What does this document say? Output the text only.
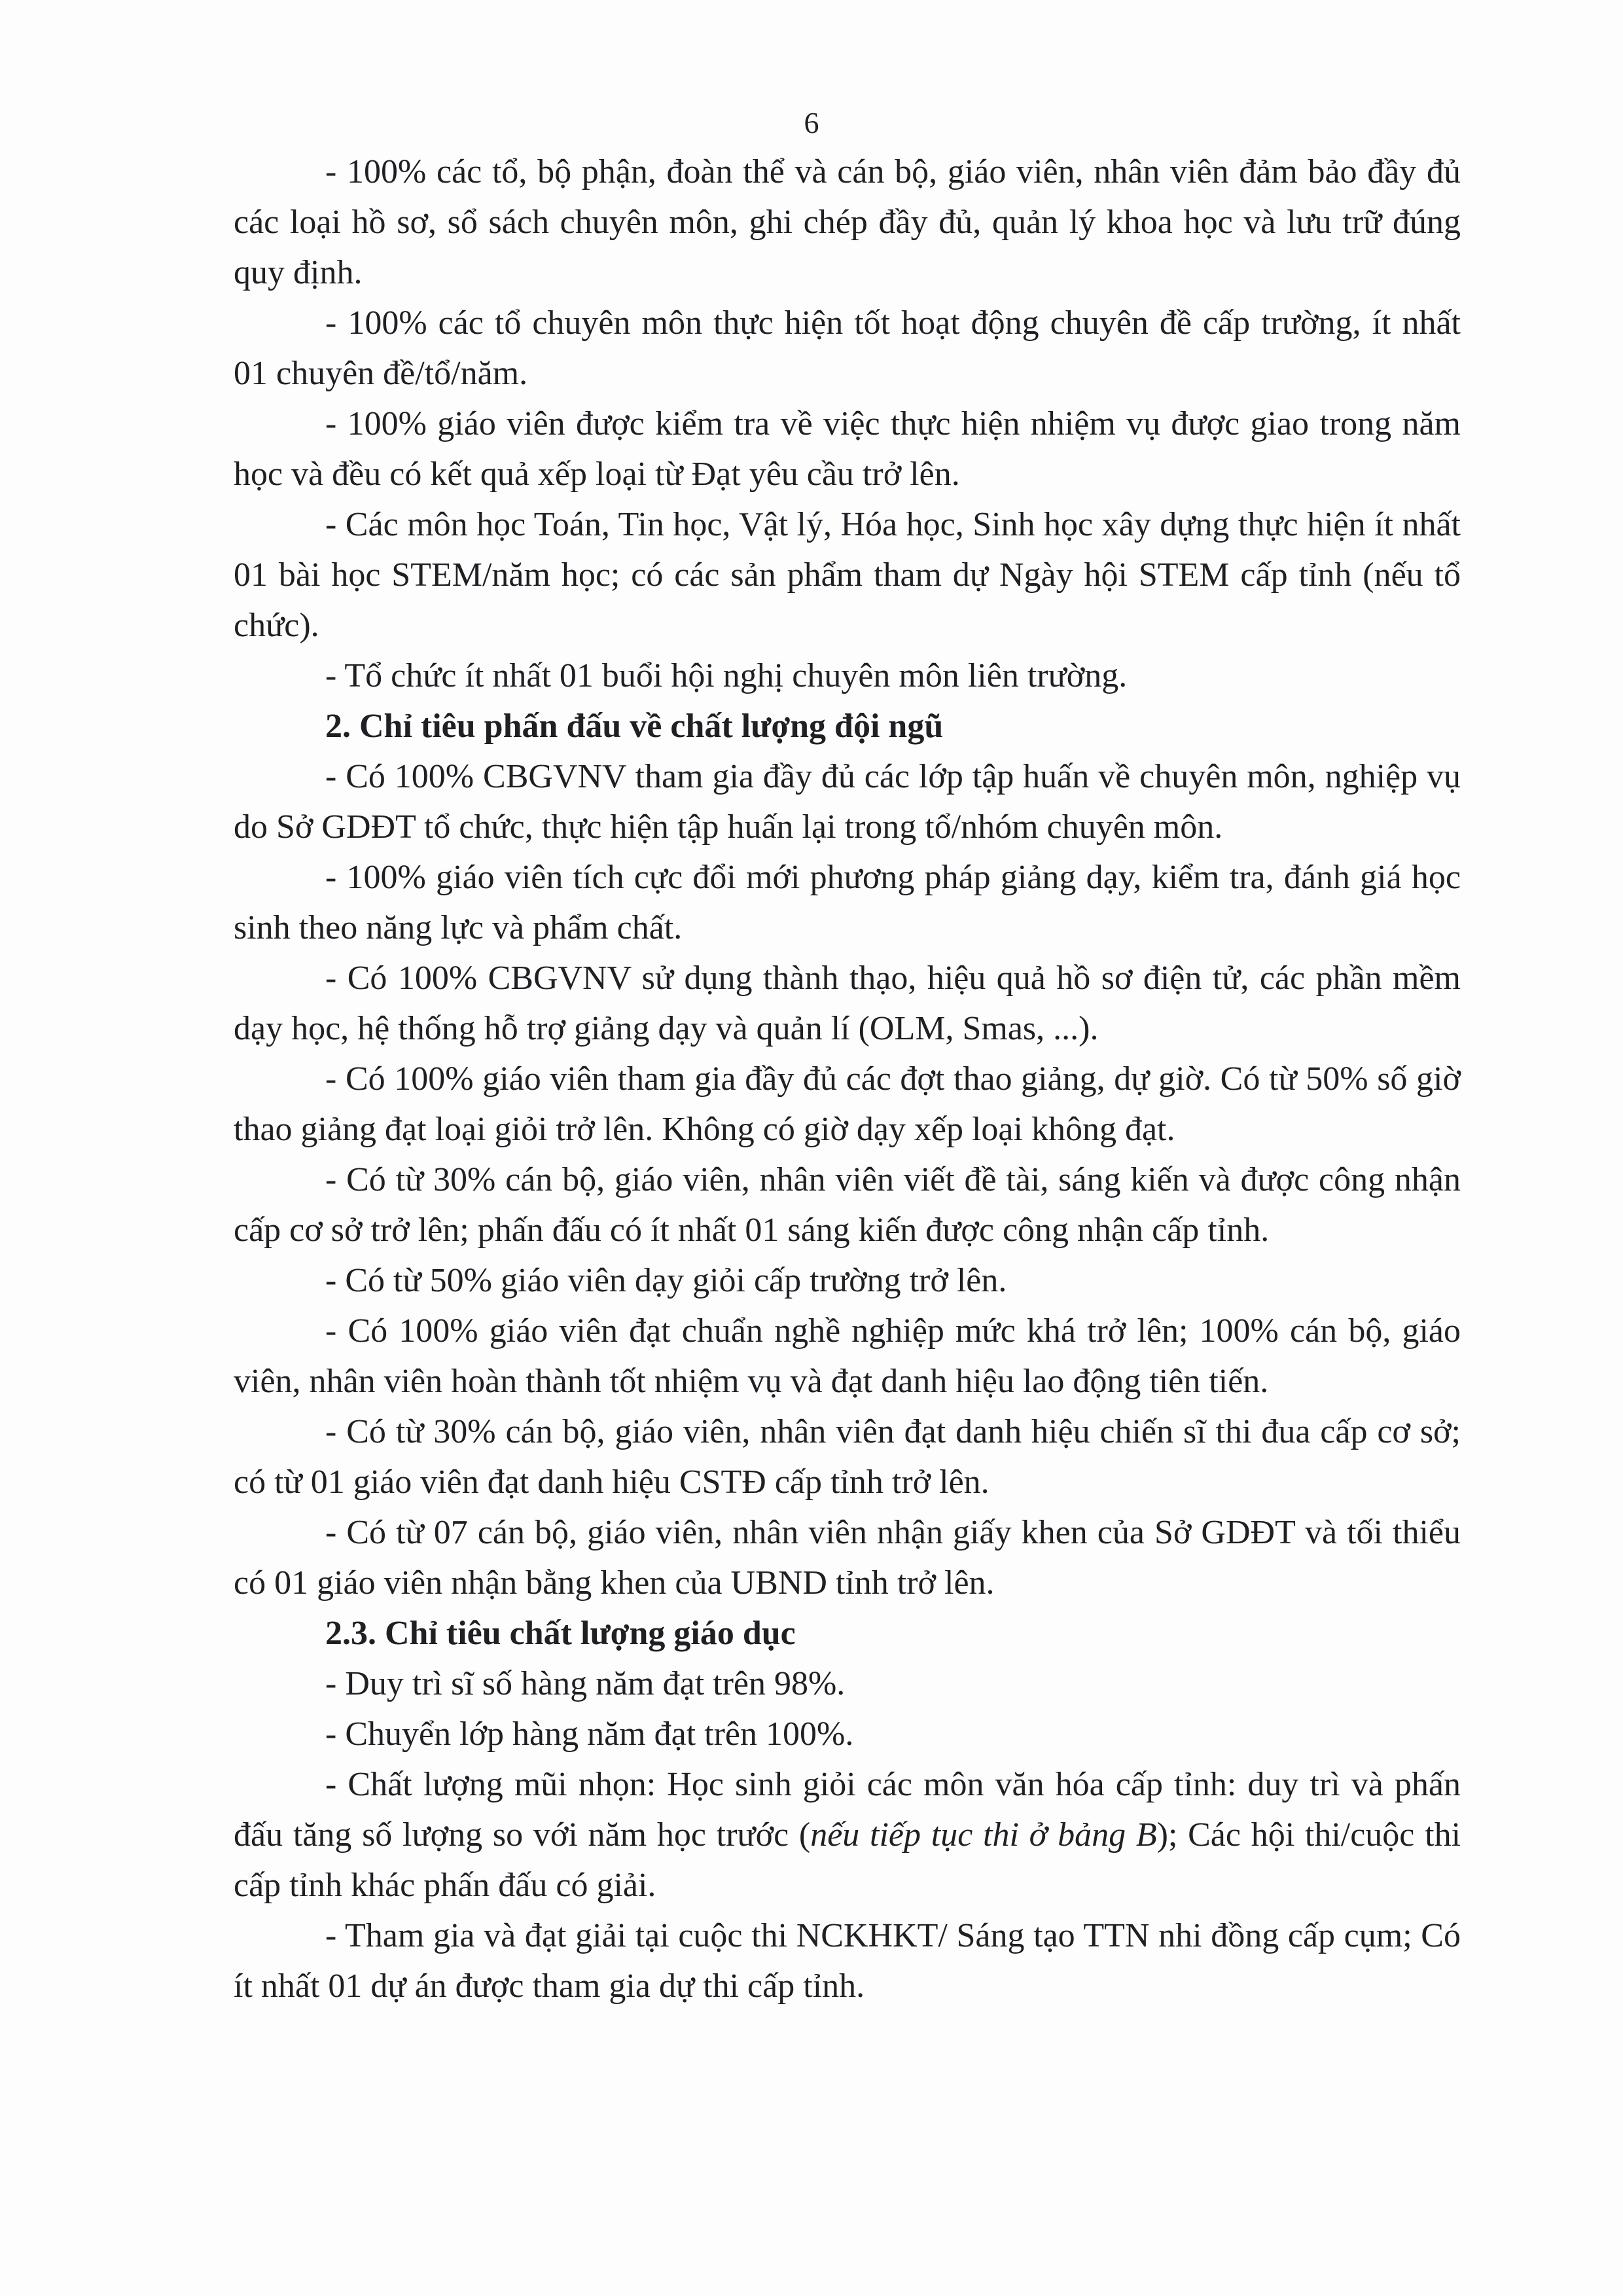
6

- 100% các tổ, bộ phận, đoàn thể và cán bộ, giáo viên, nhân viên đảm bảo đầy đủ các loại hồ sơ, sổ sách chuyên môn, ghi chép đầy đủ, quản lý khoa học và lưu trữ đúng quy định.

- 100% các tổ chuyên môn thực hiện tốt hoạt động chuyên đề cấp trường, ít nhất 01 chuyên đề/tổ/năm.

- 100% giáo viên được kiểm tra về việc thực hiện nhiệm vụ được giao trong năm học và đều có kết quả xếp loại từ Đạt yêu cầu trở lên.

- Các môn học Toán, Tin học, Vật lý, Hóa học, Sinh học xây dựng thực hiện ít nhất 01 bài học STEM/năm học; có các sản phẩm tham dự Ngày hội STEM cấp tỉnh (nếu tổ chức).

- Tổ chức ít nhất 01 buổi hội nghị chuyên môn liên trường.

2. Chỉ tiêu phấn đấu về chất lượng đội ngũ

- Có 100% CBGVNV tham gia đầy đủ các lớp tập huấn về chuyên môn, nghiệp vụ do Sở GDĐT tổ chức, thực hiện tập huấn lại trong tổ/nhóm chuyên môn.

- 100% giáo viên tích cực đổi mới phương pháp giảng dạy, kiểm tra, đánh giá học sinh theo năng lực và phẩm chất.

- Có 100% CBGVNV sử dụng thành thạo, hiệu quả hồ sơ điện tử, các phần mềm dạy học, hệ thống hỗ trợ giảng dạy và quản lí (OLM, Smas, ...).

- Có 100% giáo viên tham gia đầy đủ các đợt thao giảng, dự giờ. Có từ 50% số giờ thao giảng đạt loại giỏi trở lên. Không có giờ dạy xếp loại không đạt.

- Có từ 30% cán bộ, giáo viên, nhân viên viết đề tài, sáng kiến và được công nhận cấp cơ sở trở lên; phấn đấu có ít nhất 01 sáng kiến được công nhận cấp tỉnh.

- Có từ 50% giáo viên dạy giỏi cấp trường trở lên.

- Có 100% giáo viên đạt chuẩn nghề nghiệp mức khá trở lên; 100% cán bộ, giáo viên, nhân viên hoàn thành tốt nhiệm vụ và đạt danh hiệu lao động tiên tiến.

- Có từ 30% cán bộ, giáo viên, nhân viên đạt danh hiệu chiến sĩ thi đua cấp cơ sở; có từ 01 giáo viên đạt danh hiệu CSTĐ cấp tỉnh trở lên.

- Có từ 07 cán bộ, giáo viên, nhân viên nhận giấy khen của Sở GDĐT và tối thiểu có 01 giáo viên nhận bằng khen của UBND tỉnh trở lên.

2.3. Chỉ tiêu chất lượng giáo dục

- Duy trì sĩ số hàng năm đạt trên 98%.

- Chuyển lớp hàng năm đạt trên 100%.

- Chất lượng mũi nhọn: Học sinh giỏi các môn văn hóa cấp tỉnh: duy trì và phấn đấu tăng số lượng so với năm học trước (nếu tiếp tục thi ở bảng B); Các hội thi/cuộc thi cấp tỉnh khác phấn đấu có giải.

- Tham gia và đạt giải tại cuộc thi NCKHKT/ Sáng tạo TTN nhi đồng cấp cụm; Có ít nhất 01 dự án được tham gia dự thi cấp tỉnh.
